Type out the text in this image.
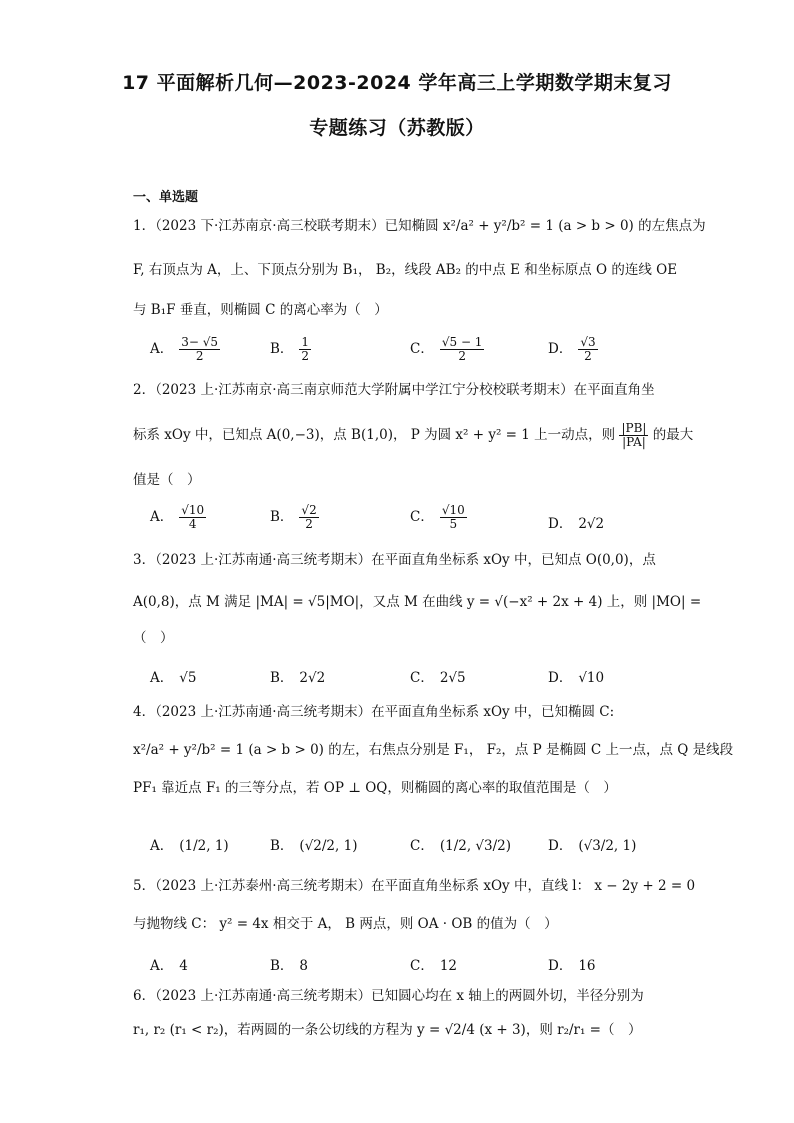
17 平面解析几何—2023-2024 学年高三上学期数学期末复习
专题练习（苏教版）
一、单选题
1．（2023 下·江苏南京·高三校联考期末）已知椭圆 x²/a² + y²/b² = 1 (a > b > 0) 的左焦点为
F, 右顶点为 A，上、下顶点分别为 B₁， B₂，线段 AB₂ 的中点 E 和坐标原点 O 的连线 OE
与 B₁F 垂直，则椭圆 C 的离心率为（　）
A． $\frac{3- √5}{2}$	B． $\frac{1}{2}$	C． $\frac{√5 - 1}{2}$	D． $\frac{√3}{2}$
2．（2023 上·江苏南京·高三南京师范大学附属中学江宁分校校联考期末）在平面直角坐
标系 xOy 中，已知点 A(0,−3)，点 B(1,0)， P 为圆 x² + y² = 1 上一动点，则 $\frac{|PB|}{|PA|}$ 的最大
值是（　）
A． $\frac{√10}{4}$	B． $\frac{√2}{2}$	C． $\frac{√10}{5}$	D． 2√2
3．（2023 上·江苏南通·高三统考期末）在平面直角坐标系 xOy 中，已知点 O(0,0)，点
A(0,8)，点 M 满足 |MA| = √5|MO|，又点 M 在曲线 y = √(−x² + 2x + 4) 上，则 |MO| =
（　）
A． √5	B． 2√2	C． 2√5	D． √10
4．（2023 上·江苏南通·高三统考期末）在平面直角坐标系 xOy 中，已知椭圆 C:
x²/a² + y²/b² = 1 (a > b > 0) 的左，右焦点分别是 F₁， F₂，点 P 是椭圆 C 上一点，点 Q 是线段
PF₁ 靠近点 F₁ 的三等分点，若 OP ⊥ OQ，则椭圆的离心率的取值范围是（　）
A． (1/2, 1)	B． (√2/2, 1)	C． (1/2, √3/2)	D． (√3/2, 1)
5．（2023 上·江苏泰州·高三统考期末）在平面直角坐标系 xOy 中，直线 l： x − 2y + 2 = 0
与抛物线 C： y² = 4x 相交于 A， B 两点，则 OA · OB 的值为（　）
A． 4	B． 8	C． 12	D． 16
6．（2023 上·江苏南通·高三统考期末）已知圆心均在 x 轴上的两圆外切，半径分别为
r₁, r₂ (r₁ < r₂)，若两圆的一条公切线的方程为 y = √2/4 (x + 3)，则 r₂/r₁ =（　）
